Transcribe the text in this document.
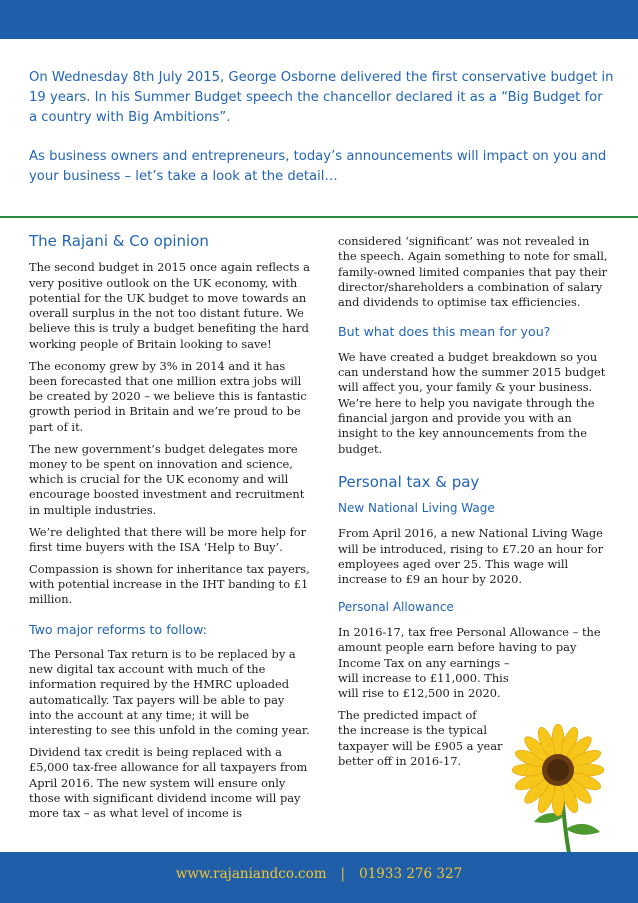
On Wednesday 8th July 2015, George Osborne delivered the first conservative budget in 19 years. In his Summer Budget speech the chancellor declared it as a “Big Budget for a country with Big Ambitions”.

As business owners and entrepreneurs, today’s announcements will impact on you and your business – let’s take a look at the detail…

The Rajani & Co opinion

The second budget in 2015 once again reflects a very positive outlook on the UK economy, with potential for the UK budget to move towards an overall surplus in the not too distant future. We believe this is truly a budget benefiting the hard working people of Britain looking to save!

The economy grew by 3% in 2014 and it has been forecasted that one million extra jobs will be created by 2020 – we believe this is fantastic growth period in Britain and we’re proud to be part of it.

The new government’s budget delegates more money to be spent on innovation and science, which is crucial for the UK economy and will encourage boosted investment and recruitment in multiple industries.

We’re delighted that there will be more help for first time buyers with the ISA ‘Help to Buy’.

Compassion is shown for inheritance tax payers, with potential increase in the IHT banding to £1 million.

Two major reforms to follow:

The Personal Tax return is to be replaced by a new digital tax account with much of the information required by the HMRC uploaded automatically. Tax payers will be able to pay into the account at any time; it will be interesting to see this unfold in the coming year.

Dividend tax credit is being replaced with a £5,000 tax-free allowance for all taxpayers from April 2016. The new system will ensure only those with significant dividend income will pay more tax – as what level of income is

considered ‘significant’ was not revealed in the speech. Again something to note for small, family-owned limited companies that pay their director/shareholders a combination of salary and dividends to optimise tax efficiencies.

But what does this mean for you?

We have created a budget breakdown so you can understand how the summer 2015 budget will affect you, your family & your business. We’re here to help you navigate through the financial jargon and provide you with an insight to the key announcements from the budget.

Personal tax & pay
New National Living Wage

From April 2016, a new National Living Wage will be introduced, rising to £7.20 an hour for employees aged over 25. This wage will increase to £9 an hour by 2020.

Personal Allowance

In 2016-17, tax free Personal Allowance – the amount people earn before having to pay
Income Tax on any earnings –
will increase to £11,000. This
will rise to £12,500 in 2020.

The predicted impact of
the increase is the typical
taxpayer will be £905 a year
better off in 2016-17.

www.rajaniandco.com | 01933 276 327
